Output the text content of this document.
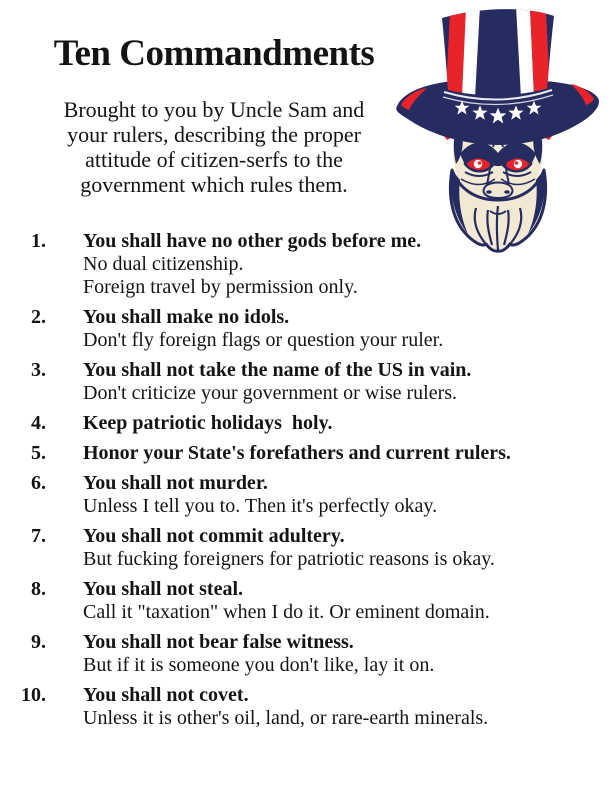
Ten Commandments
Brought to you by Uncle Sam and
your rulers, describing the proper
attitude of citizen-serfs to the
government which rules them.
1. You shall have no other gods before me.
No dual citizenship.
Foreign travel by permission only.
2. You shall make no idols.
Don't fly foreign flags or question your ruler.
3. You shall not take the name of the US in vain.
Don't criticize your government or wise rulers.
4. Keep patriotic holidays  holy.
5. Honor your State's forefathers and current rulers.
6. You shall not murder.
Unless I tell you to. Then it's perfectly okay.
7. You shall not commit adultery.
But fucking foreigners for patriotic reasons is okay.
8. You shall not steal.
Call it "taxation" when I do it. Or eminent domain.
9. You shall not bear false witness.
But if it is someone you don't like, lay it on.
10. You shall not covet.
Unless it is other's oil, land, or rare-earth minerals.
